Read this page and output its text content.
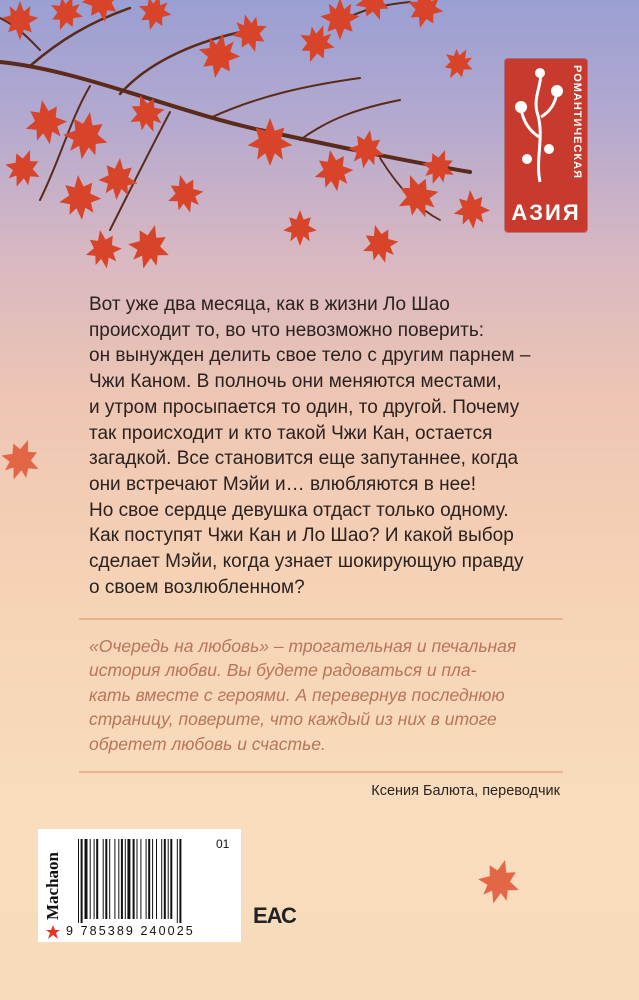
РОМАНТИЧЕСКАЯ
АЗИЯ

Вот уже два месяца, как в жизни Ло Шао

происходит то, во что невозможно поверить:

он вынужден делить свое тело с другим парнем –

Чжи Каном. В полночь они меняются местами,

и утром просыпается то один, то другой. Почему

так происходит и кто такой Чжи Кан, остается

загадкой. Все становится еще запутаннее, когда

они встречают Мэйи и… влюбляются в нее!

Но свое сердце девушка отдаст только одному.

Как поступят Чжи Кан и Ло Шао? И какой выбор

сделает Мэйи, когда узнает шокирующую правду

о своем возлюбленном?

«Очередь на любовь» – трогательная и печальная
история любви. Вы будете радоваться и пла-
кать вместе с героями. А перевернув последнюю
страницу, поверите, что каждый из них в итоге
обретет любовь и счастье.
Ксения Балюта, переводчик
Machaon
01
9 785389 240025
ЕАС
